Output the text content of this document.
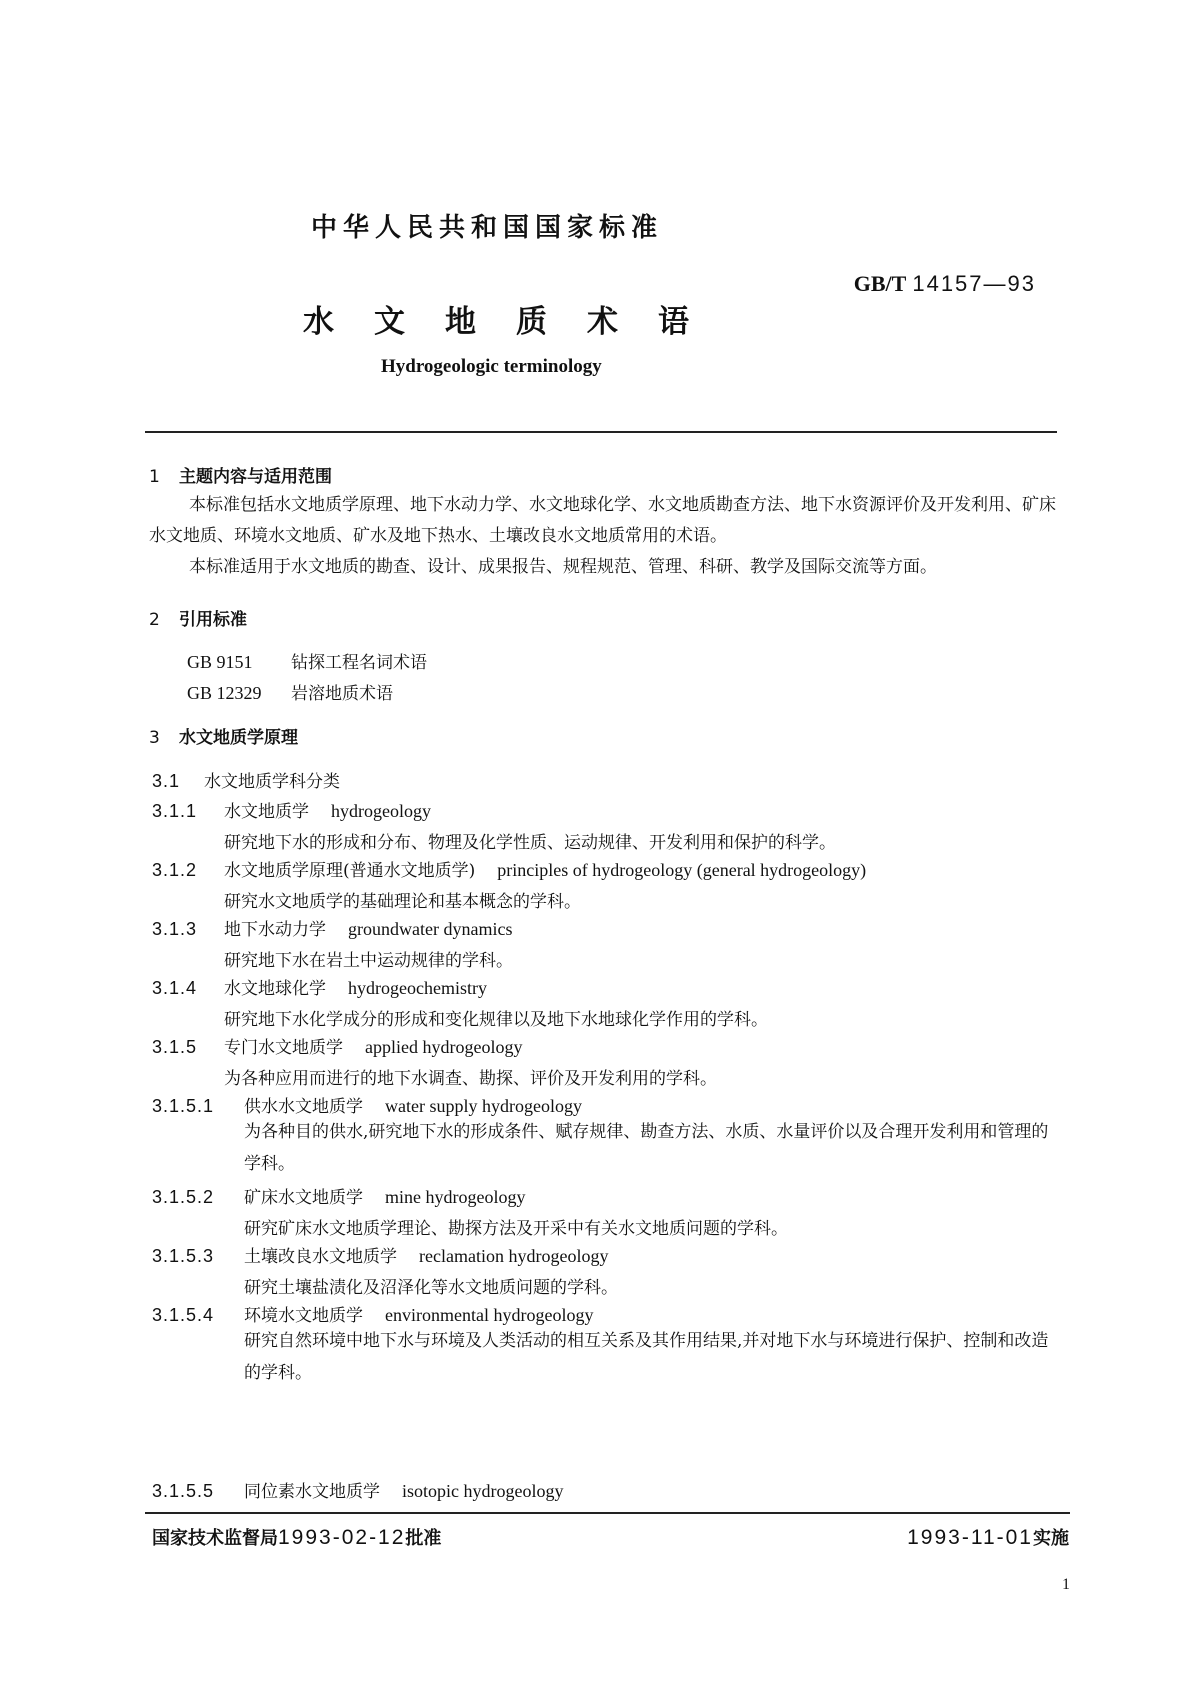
中华人民共和国国家标准
GB/T 14157—93
水文地质术语
Hydrogeologic terminology
1 主题内容与适用范围
本标准包括水文地质学原理、地下水动力学、水文地球化学、水文地质勘查方法、地下水资源评价及开发利用、矿床水文地质、环境水文地质、矿水及地下热水、土壤改良水文地质常用的术语。
本标准适用于水文地质的勘查、设计、成果报告、规程规范、管理、科研、教学及国际交流等方面。
2 引用标准
GB 9151 钻探工程名词术语
GB 12329 岩溶地质术语
3 水文地质学原理
3.1 水文地质学科分类
3.1.1 水文地质学 hydrogeology
研究地下水的形成和分布、物理及化学性质、运动规律、开发利用和保护的科学。
3.1.2 水文地质学原理(普通水文地质学) principles of hydrogeology (general hydrogeology)
研究水文地质学的基础理论和基本概念的学科。
3.1.3 地下水动力学 groundwater dynamics
研究地下水在岩土中运动规律的学科。
3.1.4 水文地球化学 hydrogeochemistry
研究地下水化学成分的形成和变化规律以及地下水地球化学作用的学科。
3.1.5 专门水文地质学 applied hydrogeology
为各种应用而进行的地下水调查、勘探、评价及开发利用的学科。
3.1.5.1 供水水文地质学 water supply hydrogeology
为各种目的供水,研究地下水的形成条件、赋存规律、勘查方法、水质、水量评价以及合理开发利用和管理的学科。
3.1.5.2 矿床水文地质学 mine hydrogeology
研究矿床水文地质学理论、勘探方法及开采中有关水文地质问题的学科。
3.1.5.3 土壤改良水文地质学 reclamation hydrogeology
研究土壤盐渍化及沼泽化等水文地质问题的学科。
3.1.5.4 环境水文地质学 environmental hydrogeology
研究自然环境中地下水与环境及人类活动的相互关系及其作用结果,并对地下水与环境进行保护、控制和改造的学科。
3.1.5.5 同位素水文地质学 isotopic hydrogeology
国家技术监督局1993-02-12批准	1993-11-01实施
1
